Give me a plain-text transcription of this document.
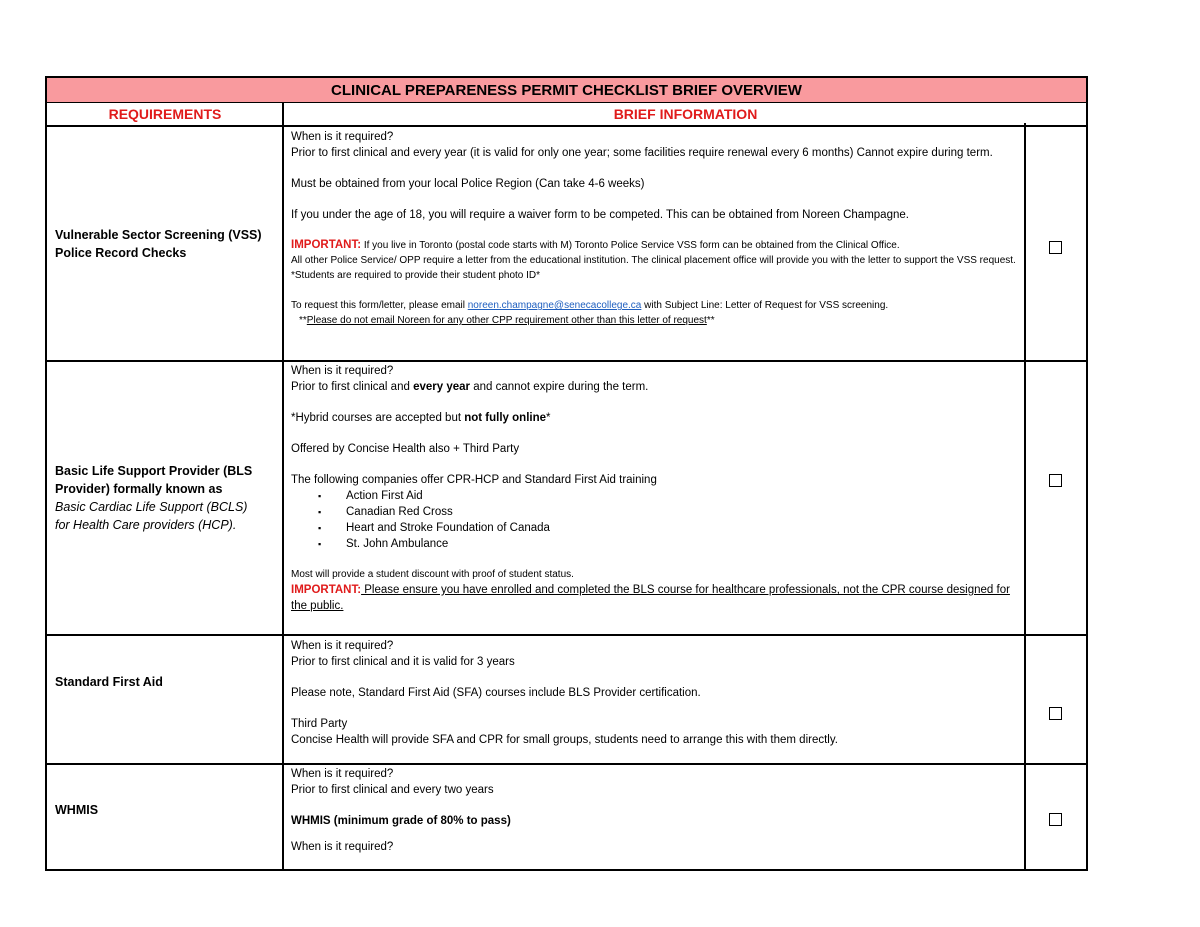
CLINICAL PREPARENESS PERMIT CHECKLIST BRIEF OVERVIEW
REQUIREMENTS	BRIEF INFORMATION
Vulnerable Sector Screening (VSS)
Police Record Checks

When is it required?

Prior to first clinical and every year (it is valid for only one year; some facilities require renewal every 6 months) Cannot expire during term.

Must be obtained from your local Police Region (Can take 4-6 weeks)

If you under the age of 18, you will require a waiver form to be competed. This can be obtained from Noreen Champagne.

IMPORTANT: If you live in Toronto (postal code starts with M) Toronto Police Service VSS form can be obtained from the Clinical Office.

All other Police Service/ OPP require a letter from the educational institution. The clinical placement office will provide you with the letter to support the VSS request. *Students are required to provide their student photo ID*

To request this form/letter, please email noreen.champagne@senecacollege.ca with Subject Line: Letter of Request for VSS screening.

**Please do not email Noreen for any other CPP requirement other than this letter of request**

Basic Life Support Provider (BLS
Provider) formally known as
Basic Cardiac Life Support (BCLS)
for Health Care providers (HCP).

When is it required?

Prior to first clinical and every year and cannot expire during the term.

*Hybrid courses are accepted but not fully online*

Offered by Concise Health also + Third Party

The following companies offer CPR-HCP and Standard First Aid training

▪ Action First Aid
▪ Canadian Red Cross
▪ Heart and Stroke Foundation of Canada
▪ St. John Ambulance

Most will provide a student discount with proof of student status.

IMPORTANT: Please ensure you have enrolled and completed the BLS course for healthcare professionals, not the CPR course designed for the public.

Standard First Aid

When is it required?

Prior to first clinical and it is valid for 3 years

Please note, Standard First Aid (SFA) courses include BLS Provider certification.

Third Party

Concise Health will provide SFA and CPR for small groups, students need to arrange this with them directly.

WHMIS

When is it required?

Prior to first clinical and every two years

WHMIS (minimum grade of 80% to pass)

When is it required?
